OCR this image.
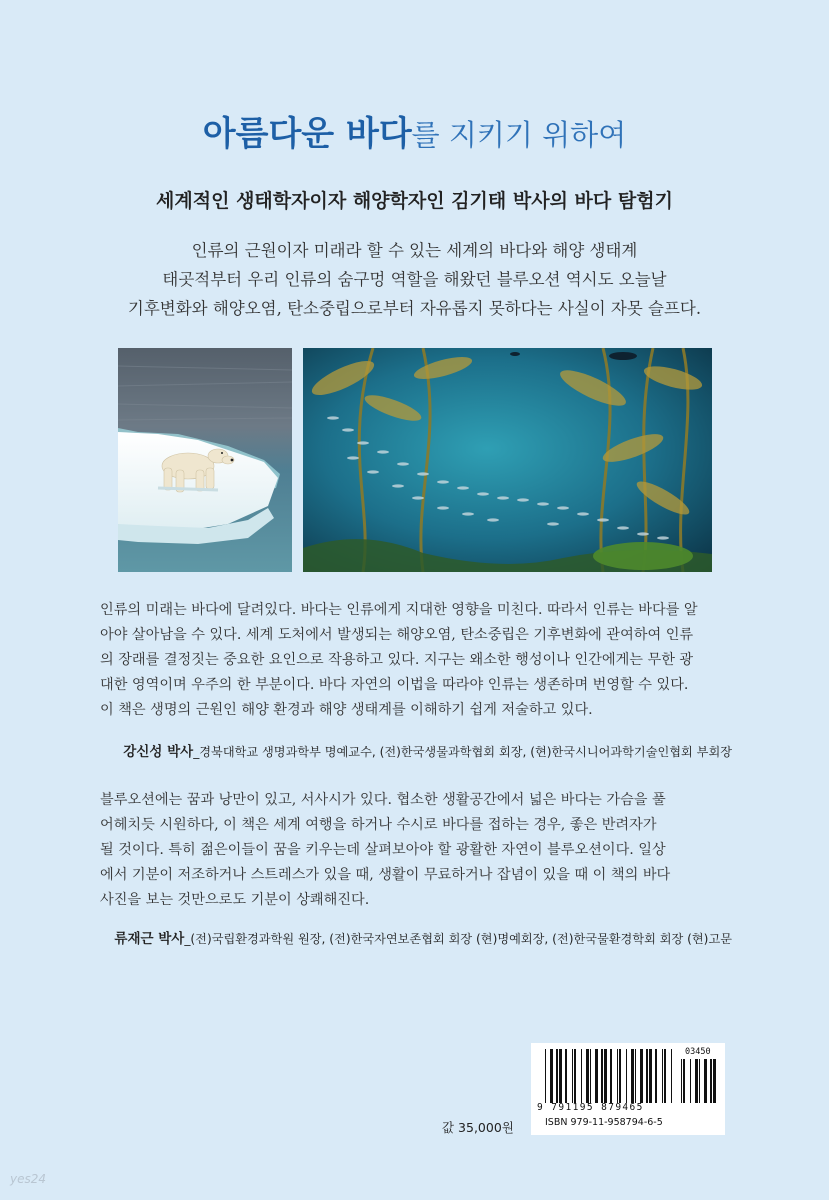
아름다운 바다를 지키기 위하여
세계적인 생태학자이자 해양학자인 김기태 박사의 바다 탐험기
인류의 근원이자 미래라 할 수 있는 세계의 바다와 해양 생태계
태곳적부터 우리 인류의 숨구멍 역할을 해왔던 블루오션 역시도 오늘날
기후변화와 해양오염, 탄소중립으로부터 자유롭지 못하다는 사실이 자못 슬프다.
인류의 미래는 바다에 달려있다. 바다는 인류에게 지대한 영향을 미친다. 따라서 인류는 바다를 알
아야 살아남을 수 있다. 세계 도처에서 발생되는 해양오염, 탄소중립은 기후변화에 관여하여 인류
의 장래를 결정짓는 중요한 요인으로 작용하고 있다. 지구는 왜소한 행성이나 인간에게는 무한 광
대한 영역이며 우주의 한 부분이다. 바다 자연의 이법을 따라야 인류는 생존하며 번영할 수 있다.
이 책은 생명의 근원인 해양 환경과 해양 생태계를 이해하기 쉽게 저술하고 있다.
강신성 박사_경북대학교 생명과학부 명예교수, (전)한국생물과학협회 회장, (현)한국시니어과학기술인협회 부회장
블루오션에는 꿈과 낭만이 있고, 서사시가 있다. 협소한 생활공간에서 넓은 바다는 가슴을 풀
어헤치듯 시원하다, 이 책은 세계 여행을 하거나 수시로 바다를 접하는 경우, 좋은 반려자가
될 것이다. 특히 젊은이들이 꿈을 키우는데 살펴보아야 할 광활한 자연이 블루오션이다. 일상
에서 기분이 저조하거나 스트레스가 있을 때, 생활이 무료하거나 잡념이 있을 때 이 책의 바다
사진을 보는 것만으로도 기분이 상쾌해진다.
류재근 박사_(전)국립환경과학원 원장, (전)한국자연보존협회 회장 (현)명예회장, (전)한국물환경학회 회장 (현)고문
03450
9 791195 879465
ISBN 979-11-958794-6-5
값 35,000원
yes24
